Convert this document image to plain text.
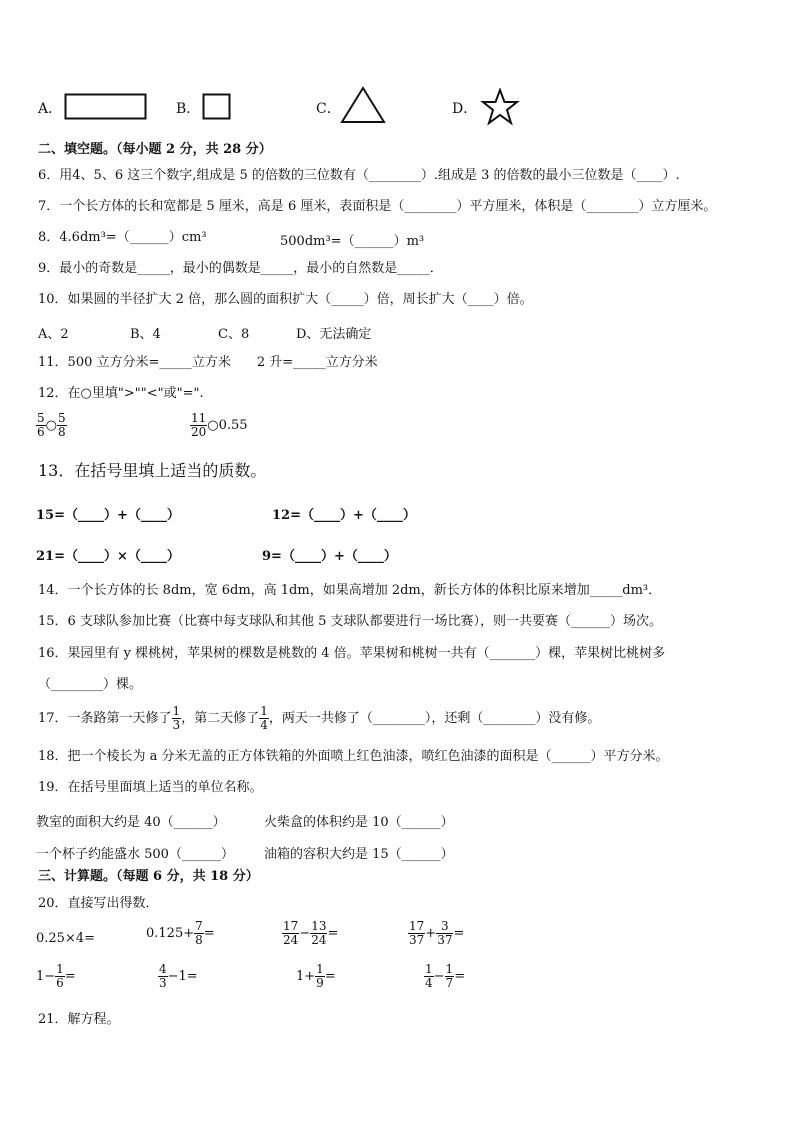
A．	B．	C．	D．
二、填空题。（每小题 2 分，共 28 分）
6．用4、5、6 这三个数字,组成是 5 的倍数的三位数有（________）.组成是 3 的倍数的最小三位数是（____）.
7．一个长方体的长和宽都是 5 厘米，高是 6 厘米，表面积是（________）平方厘米，体积是（________）立方厘米。
8．4.6dm³=（______）cm³	500dm³=（______）m³
9．最小的奇数是_____，最小的偶数是_____，最小的自然数是_____．
10．如果圆的半径扩大 2 倍，那么圆的面积扩大（_____）倍，周长扩大（____）倍。
A、2	B、4	C、8	D、无法确定
11．500 立方分米=_____立方米　　2 升=_____立方分米
12．在○里填">""<"或"=".
$\frac{5}{6}$ ○ $\frac{5}{8}$	$\frac{11}{20}$ ○0.55
13．在括号里填上适当的质数。
15=（____）+（____）	12=（____）+（____）
21=（____）×（____）	9=（____）+（____）
14．一个长方体的长 8dm，宽 6dm，高 1dm，如果高增加 2dm，新长方体的体积比原来增加_____dm³．
15．6 支球队参加比赛（比赛中每支球队和其他 5 支球队都要进行一场比赛），则一共要赛（______）场次。
16．果园里有 y 棵桃树，苹果树的棵数是桃数的 4 倍。苹果树和桃树一共有（_______）棵，苹果树比桃树多
（________）棵。
17．一条路第一天修了 $\frac{1}{3}$ ，第二天修了 $\frac{1}{4}$ ，两天一共修了（________），还剩（________）没有修。
18．把一个棱长为 a 分米无盖的正方体铁箱的外面喷上红色油漆，喷红色油漆的面积是（______）平方分米。
19．在括号里面填上适当的单位名称。
教室的面积大约是 40（______）	火柴盒的体积约是 10（______）
一个杯子约能盛水 500（______） 油箱的容积大约是 15（______）
三、计算题。（每题 6 分，共 18 分）
20．直接写出得数．
0.25×4=	$0.125+ \frac{7}{8}$ =	$\frac{17}{24} - \frac{13}{24}$ =	$\frac{17}{37} + \frac{3}{37}$ =
$1- \frac{1}{6}$ =	$\frac{4}{3} -1=$	$1+ \frac{1}{9}$ =	$\frac{1}{4} - \frac{1}{7}$ =
21．解方程。
